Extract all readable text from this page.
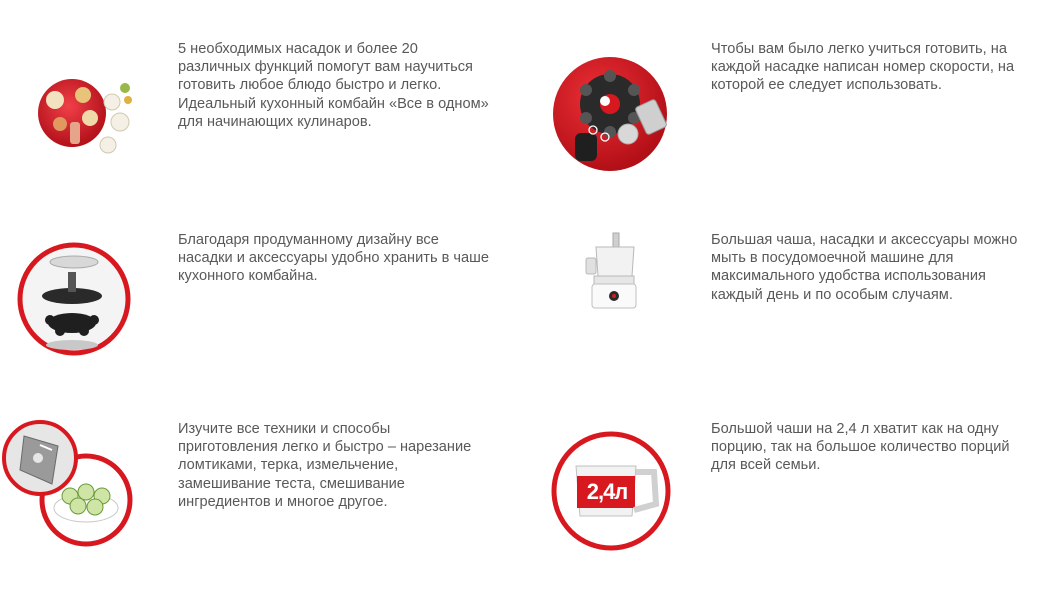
5 необходимых насадок и более 20
различных функций помогут вам научиться
готовить любое блюдо быстро и легко.
Идеальный кухонный комбайн «Все в одном»
для начинающих кулинаров.

Чтобы вам было легко учиться готовить, на
каждой насадке написан номер скорости, на
которой ее следует использовать.

Благодаря продуманному дизайну все
насадки и аксессуары удобно хранить в чаше
кухонного комбайна.

Большая чаша, насадки и аксессуары можно
мыть в посудомоечной машине для
максимального удобства использования
каждый день и по особым случаям.

Изучите все техники и способы
приготовления легко и быстро – нарезание
ломтиками, терка, измельчение,
замешивание теста, смешивание
ингредиентов и многое другое.	2,4л

Большой чаши на 2,4 л хватит как на одну
порцию, так на большое количество порций
для всей семьи.
